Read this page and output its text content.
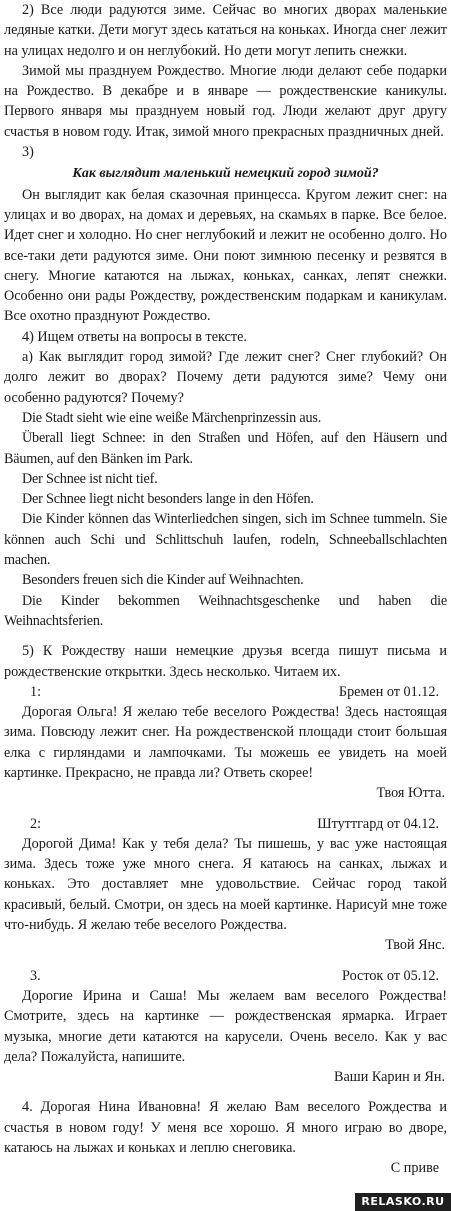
2) Все люди радуются зиме. Сейчас во многих дворах маленькие ледяные катки. Дети могут здесь кататься на коньках. Иногда снег лежит на улицах недолго и он неглубокий. Но дети могут лепить снежки.

Зимой мы празднуем Рождество. Многие люди делают себе подарки на Рождество. В декабре и в январе — рождественские каникулы. Первого января мы празднуем новый год. Люди желают друг другу счастья в новом году. Итак, зимой много прекрасных праздничных дней.

3)

Как выглядит маленький немецкий город зимой?

Он выглядит как белая сказочная принцесса. Кругом лежит снег: на улицах и во дворах, на домах и деревьях, на скамьях в парке. Все белое. Идет снег и холодно. Но снег неглубокий и лежит не особенно долго. Но все-таки дети радуются зиме. Они поют зимнюю песенку и резвятся в снегу. Многие катаются на лыжах, коньках, санках, лепят снежки. Особенно они рады Рождеству, рождественским подаркам и каникулам. Все охотно празднуют Рождество.

4) Ищем ответы на вопросы в тексте.

а) Как выглядит город зимой? Где лежит снег? Снег глубокий? Он долго лежит во дворах? Почему дети радуются зиме? Чему они особенно радуются? Почему?

Die Stadt sieht wie eine weiße Märchenprinzessin aus.

Überall liegt Schnee: in den Straßen und Höfen, auf den Häusern und Bäumen, auf den Bänken im Park.

Der Schnee ist nicht tief.

Der Schnee liegt nicht besonders lange in den Höfen.

Die Kinder können das Winterliedchen singen, sich im Schnee tummeln. Sie können auch Schi und Schlittschuh laufen, rodeln, Schneeballschlachten machen.

Besonders freuen sich die Kinder auf Weihnachten.

Die Kinder bekommen Weihnachtsgeschenke und haben die Weihnachtsferien.

5) К Рождеству наши немецкие друзья всегда пишут письма и рождественские открытки. Здесь несколько. Читаем их.

1:	Бремен от 01.12.

Дорогая Ольга! Я желаю тебе веселого Рождества! Здесь настоящая зима. Повсюду лежит снег. На рождественской площади стоит большая елка с гирляндами и лампочками. Ты можешь ее увидеть на моей картинке. Прекрасно, не правда ли? Ответь скорее!

Твоя Ютта.
2:	Штуттгард от 04.12.

Дорогой Дима! Как у тебя дела? Ты пишешь, у вас уже настоящая зима. Здесь тоже уже много снега. Я катаюсь на санках, лыжах и коньках. Это доставляет мне удовольствие. Сейчас город такой красивый, белый. Смотри, он здесь на моей картинке. Нарисуй мне тоже что-нибудь. Я желаю тебе веселого Рождества.

Твой Янс.
3.	Росток от 05.12.

Дорогие Ирина и Саша! Мы желаем вам веселого Рождества! Смотрите, здесь на картинке — рождественская ярмарка. Играет музыка, многие дети катаются на карусели. Очень весело. Как у вас дела? Пожалуйста, напишите.

Ваши Карин и Ян.

4. Дорогая Нина Ивановна! Я желаю Вам веселого Рождества и счастья в новом году! У меня все хорошо. Я много играю во дворе, катаюсь на лыжах и коньках и леплю снеговика.

С приве
RELASKO.RU
